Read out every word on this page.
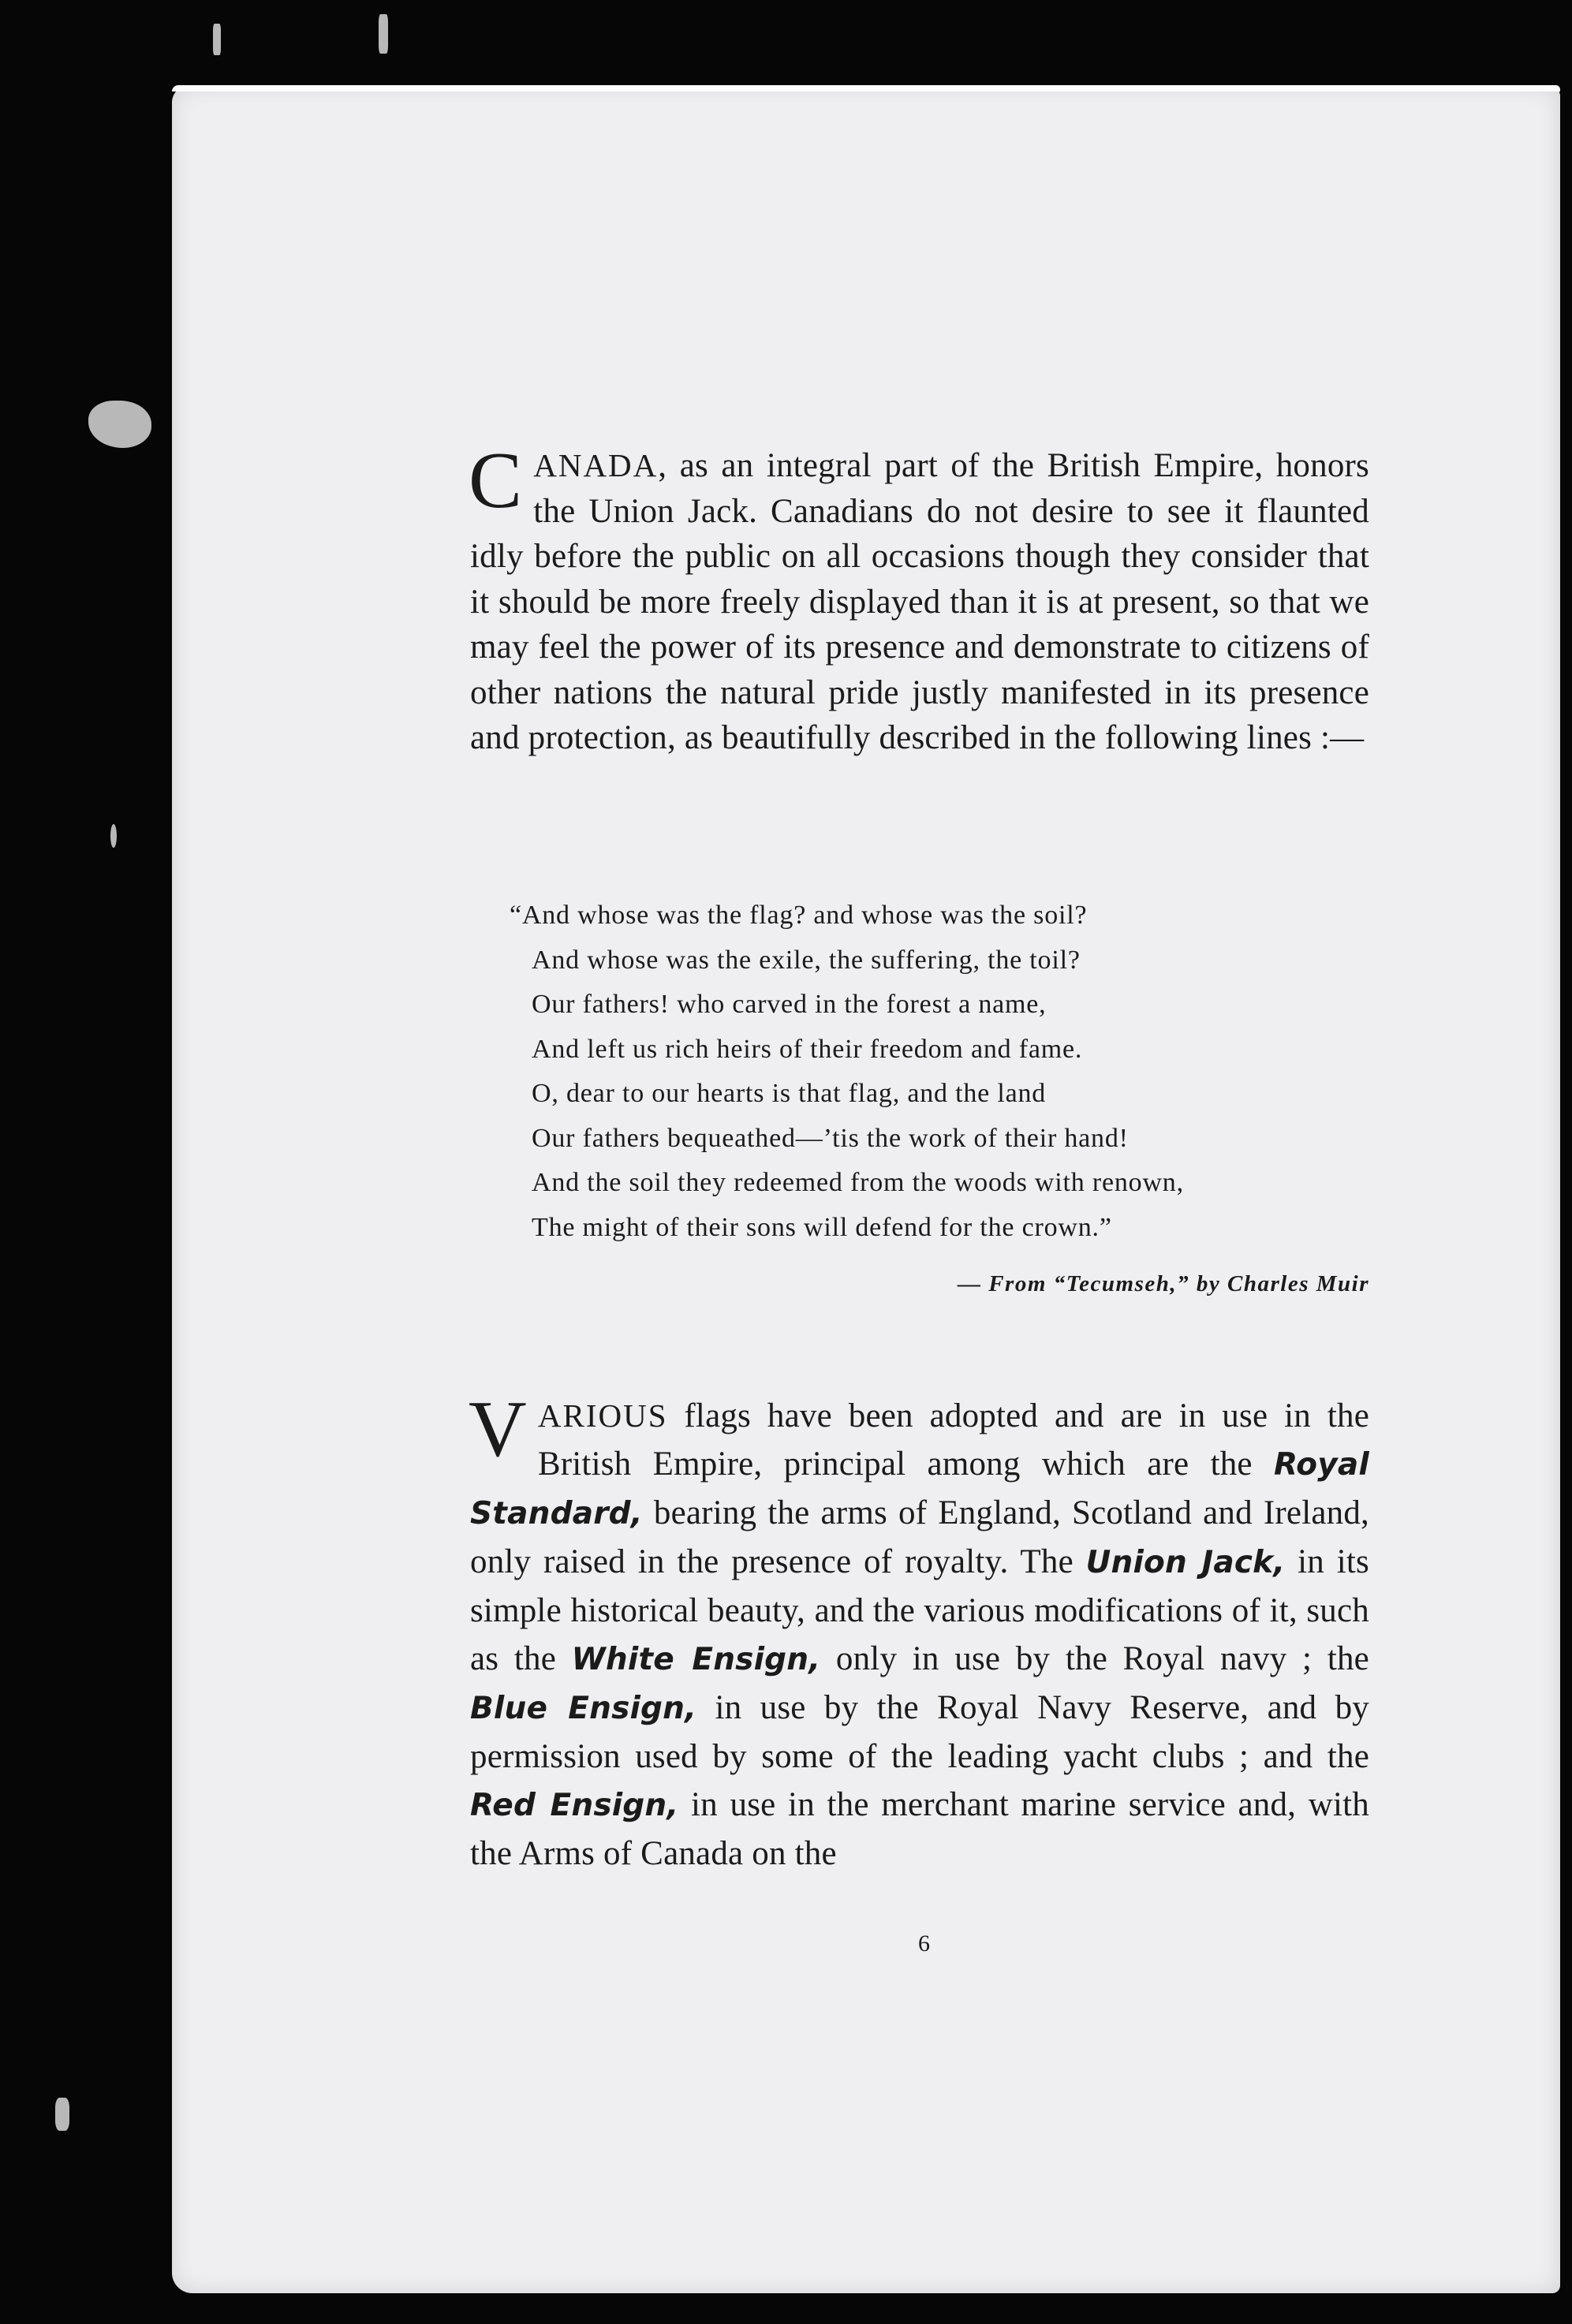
CANADA, as an integral part of the British Empire, honors the Union Jack. Canadians do not desire to see it flaunted idly before the public on all occasions though they consider that it should be more freely displayed than it is at present, so that we may feel the power of its presence and demonstrate to citizens of other nations the natural pride justly manifested in its presence and protection, as beautifully described in the following lines :—

“And whose was the flag? and whose was the soil?
And whose was the exile, the suffering, the toil?
Our fathers! who carved in the forest a name,
And left us rich heirs of their freedom and fame.
O, dear to our hearts is that flag, and the land
Our fathers bequeathed—’tis the work of their hand!
And the soil they redeemed from the woods with renown,
The might of their sons will defend for the crown.”
— From “Tecumseh,” by Charles Muir

VARIOUS flags have been adopted and are in use in the British Empire, principal among which are the Royal Standard, bearing the arms of England, Scotland and Ireland, only raised in the presence of royalty. The Union Jack, in its simple historical beauty, and the various modifications of it, such as the White Ensign, only in use by the Royal navy ; the Blue Ensign, in use by the Royal Navy Reserve, and by permission used by some of the leading yacht clubs ; and the Red Ensign, in use in the merchant marine service and, with the Arms of Canada on the

6
